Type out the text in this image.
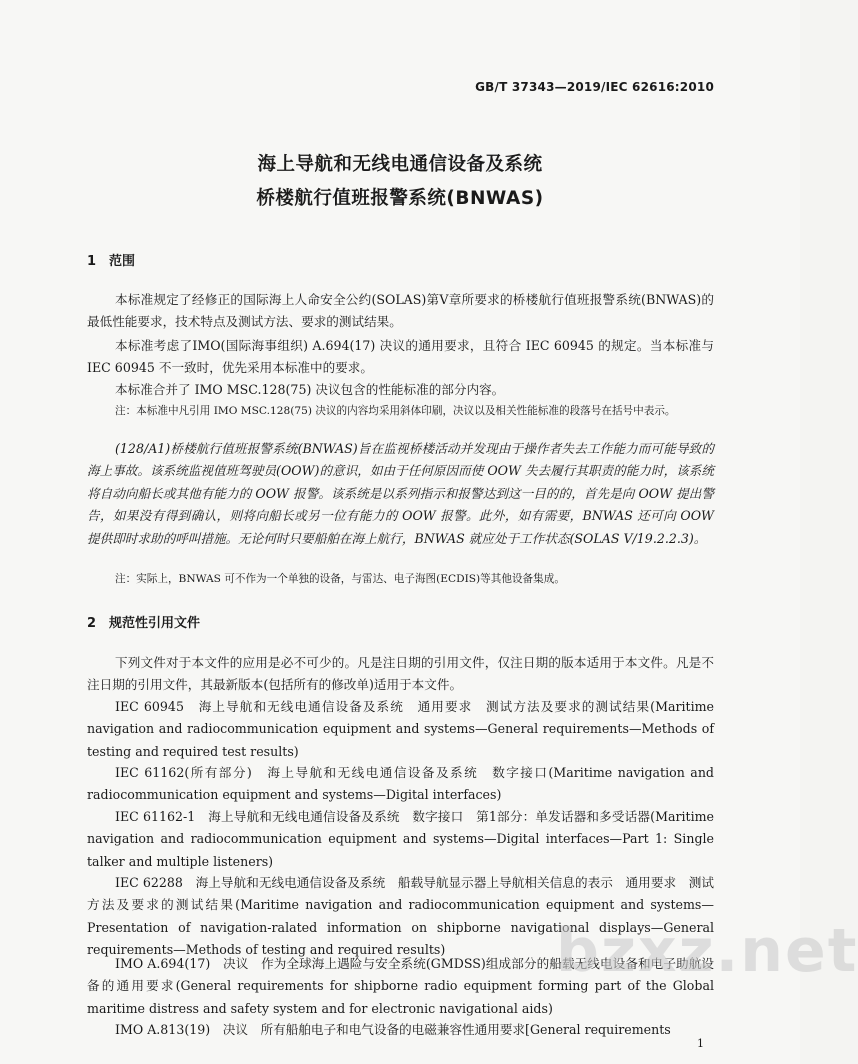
GB/T 37343—2019/IEC 62616:2010
海上导航和无线电通信设备及系统
桥楼航行值班报警系统(BNWAS)
1 范围
本标准规定了经修正的国际海上人命安全公约(SOLAS)第Ⅴ章所要求的桥楼航行值班报警系统(BNWAS)的最低性能要求，技术特点及测试方法、要求的测试结果。
本标准考虑了IMO(国际海事组织) A.694(17) 决议的通用要求，且符合 IEC 60945 的规定。当本标准与 IEC 60945 不一致时，优先采用本标准中的要求。
本标准合并了 IMO MSC.128(75) 决议包含的性能标准的部分内容。
注：本标准中凡引用 IMO MSC.128(75) 决议的内容均采用斜体印刷，决议以及相关性能标准的段落号在括号中表示。
(128/A1)桥楼航行值班报警系统(BNWAS)旨在监视桥楼活动并发现由于操作者失去工作能力而可能导致的海上事故。该系统监视值班驾驶员(OOW)的意识，如由于任何原因而使 OOW 失去履行其职责的能力时，该系统将自动向船长或其他有能力的 OOW 报警。该系统是以系列指示和报警达到这一目的的，首先是向 OOW 提出警告，如果没有得到确认，则将向船长或另一位有能力的 OOW 报警。此外，如有需要，BNWAS 还可向 OOW 提供即时求助的呼叫措施。无论何时只要船舶在海上航行，BNWAS 就应处于工作状态(SOLAS Ⅴ/19.2.2.3)。
注：实际上，BNWAS 可不作为一个单独的设备，与雷达、电子海图(ECDIS)等其他设备集成。
2 规范性引用文件
下列文件对于本文件的应用是必不可少的。凡是注日期的引用文件，仅注日期的版本适用于本文件。凡是不注日期的引用文件，其最新版本(包括所有的修改单)适用于本文件。
IEC 60945　海上导航和无线电通信设备及系统　通用要求　测试方法及要求的测试结果(Maritime navigation and radiocommunication equipment and systems—General requirements—Methods of testing and required test results)
IEC 61162(所有部分)　海上导航和无线电通信设备及系统　数字接口(Maritime navigation and radiocommunication equipment and systems—Digital interfaces)
IEC 61162-1　海上导航和无线电通信设备及系统　数字接口　第1部分：单发话器和多受话器(Maritime navigation and radiocommunication equipment and systems—Digital interfaces—Part 1: Single talker and multiple listeners)
IEC 62288　海上导航和无线电通信设备及系统　船载导航显示器上导航相关信息的表示　通用要求　测试方法及要求的测试结果(Maritime navigation and radiocommunication equipment and systems—Presentation of navigation-ralated information on shipborne navigational displays—General requirements—Methods of testing and required results)
IMO A.694(17)　决议　作为全球海上遇险与安全系统(GMDSS)组成部分的船载无线电设备和电子助航设备的通用要求(General requirements for shipborne radio equipment forming part of the Global maritime distress and safety system and for electronic navigational aids)
IMO A.813(19)　决议　所有船舶电子和电气设备的电磁兼容性通用要求[General requirements
bzxz.net
1
